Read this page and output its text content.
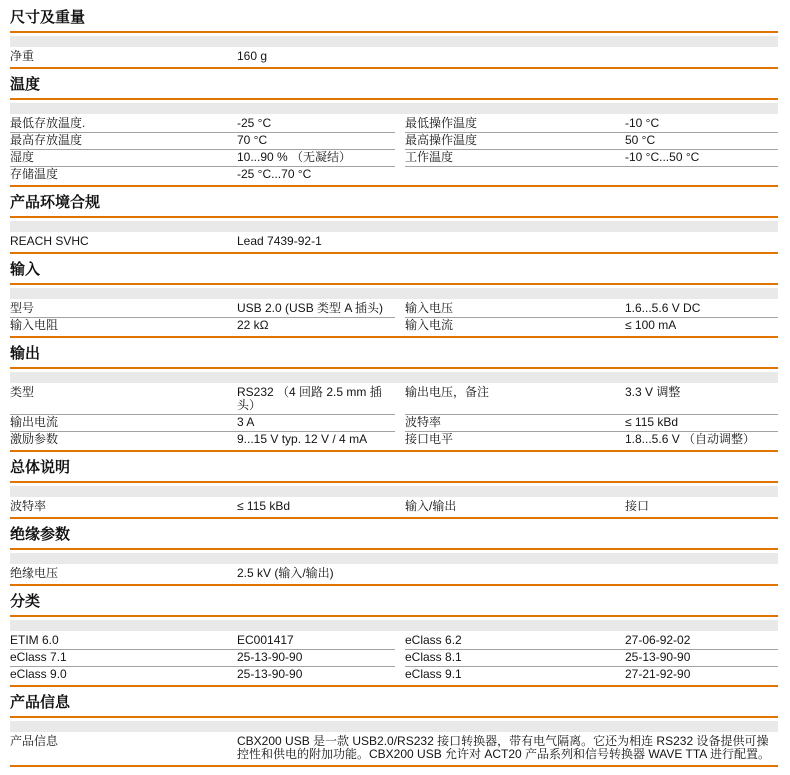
尺寸及重量
净重	160 g			
温度
最低存放温度.	-25 °C		最低操作温度	-10 °C
最高存放温度	70 °C		最高操作温度	50 °C
湿度	10...90 % （无凝结）		工作温度	-10 °C...50 °C
存储温度	-25 °C...70 °C			
产品环境合规
REACH SVHC	Lead 7439-92-1			
输入
型号	USB 2.0 (USB 类型 A 插头)		输入电压	1.6...5.6 V DC
输入电阻	22 kΩ		输入电流	≤ 100 mA
输出
类型	RS232 （4 回路 2.5 mm 插头）		输出电压，备注	3.3 V 调整
输出电流	3 A		波特率	≤ 115 kBd
激励参数	9...15 V typ. 12 V / 4 mA		接口电平	1.8...5.6 V （自动调整）
总体说明
波特率	≤ 115 kBd		输入/输出	接口
绝缘参数
绝缘电压	2.5 kV (输入/输出)			
分类
ETIM 6.0	EC001417		eClass 6.2	27-06-92-02
eClass 7.1	25-13-90-90		eClass 8.1	25-13-90-90
eClass 9.0	25-13-90-90		eClass 9.1	27-21-92-90
产品信息
产品信息	CBX200 USB 是一款 USB2.0/RS232 接口转换器，带有电气隔离。它还为相连 RS232 设备提供可操控性和供电的附加功能。CBX200 USB 允许对 ACT20 产品系列和信号转换器 WAVE TTA 进行配置。
